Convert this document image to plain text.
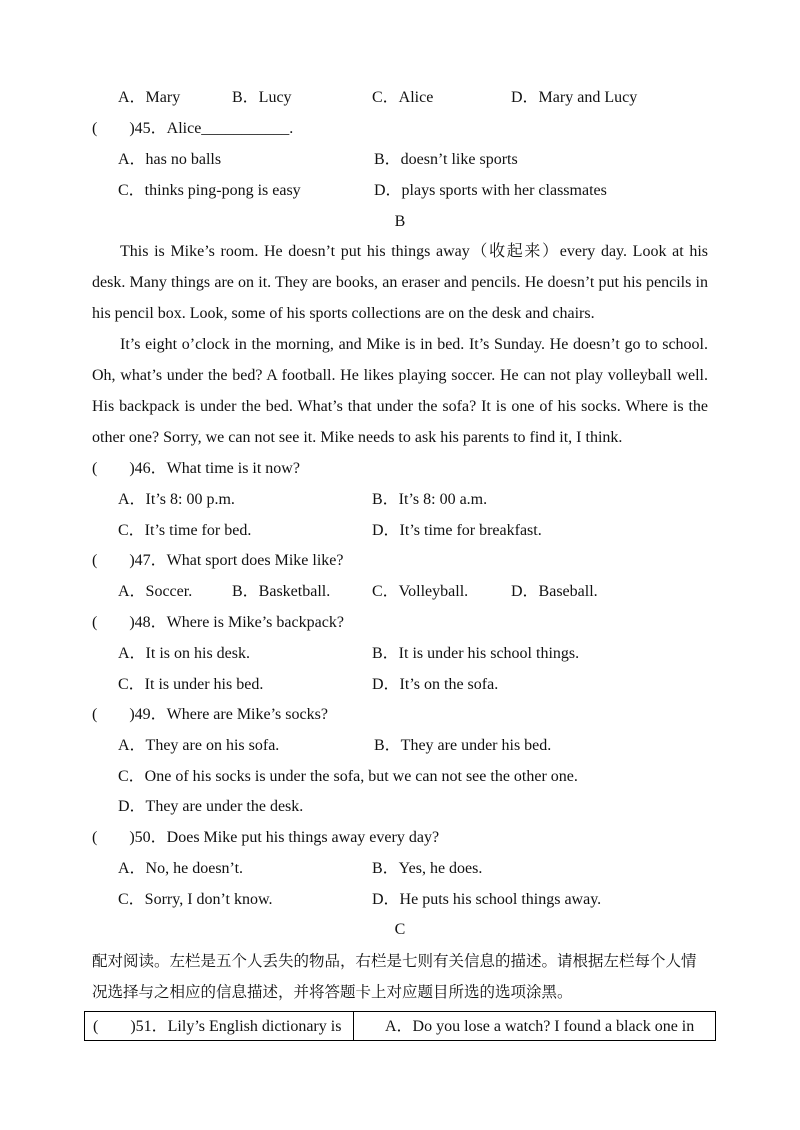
A．Mary	B．Lucy	C．Alice	D．Mary and Lucy
(　　)45．Alice___________.
A．has no balls	B．doesn’t like sports
C．thinks ping-pong is easy	D．plays sports with her classmates
B

This is Mike’s room. He doesn’t put his things away（收起来）every day. Look at his desk. Many things are on it. They are books, an eraser and pencils. He doesn’t put his pencils in his pencil box. Look, some of his sports collections are on the desk and chairs.

It’s eight o’clock in the morning, and Mike is in bed. It’s Sunday. He doesn’t go to school. Oh, what’s under the bed? A football. He likes playing soccer. He can not play volleyball well. His backpack is under the bed. What’s that under the sofa? It is one of his socks. Where is the other one? Sorry, we can not see it. Mike needs to ask his parents to find it, I think.

(　　)46．What time is it now?
A．It’s 8: 00 p.m.	B．It’s 8: 00 a.m.
C．It’s time for bed.	D．It’s time for breakfast.
(　　)47．What sport does Mike like?
A．Soccer. B．Basketball.	C．Volleyball.	D．Baseball.
(　　)48．Where is Mike’s backpack?
A．It is on his desk.	B．It is under his school things.
C．It is under his bed.	D．It’s on the sofa.
(　　)49．Where are Mike’s socks?
A．They are on his sofa.	B．They are under his bed.
C．One of his socks is under the sofa, but we can not see the other one.
D．They are under the desk.
(　　)50．Does Mike put his things away every day?
A．No, he doesn’t.	B．Yes, he does.
C．Sorry, I don’t know.	D．He puts his school things away.
C
配对阅读。左栏是五个人丢失的物品，右栏是七则有关信息的描述。请根据左栏每个人情况选择与之相应的信息描述，并将答题卡上对应题目所选的选项涂黑。
(　　)51．Lily’s English dictionary is	A．Do you lose a watch? I found a black one in
